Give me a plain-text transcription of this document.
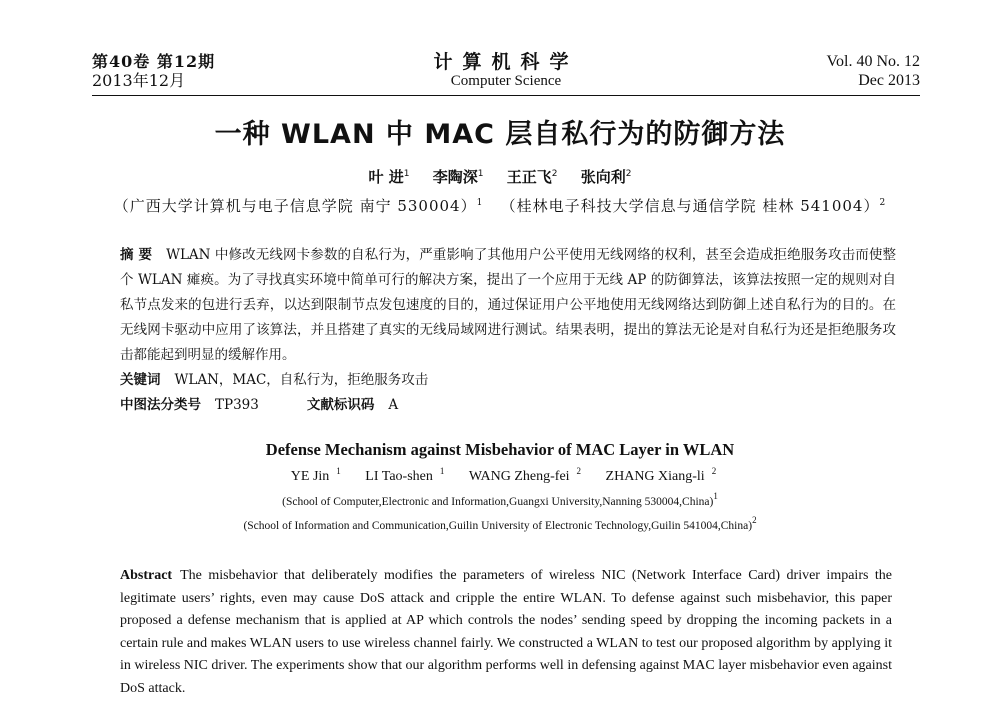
第40卷 第12期
2013年12月
计算机科学
Computer Science
Vol. 40 No. 12
Dec 2013
一种 WLAN 中 MAC 层自私行为的防御方法
叶 进$^1$ 李陶深$^1$ 王正飞$^2$ 张向利$^2$
（广西大学计算机与电子信息学院 南宁 530004）$^1$ （桂林电子科技大学信息与通信学院 桂林 541004）$^2$
摘 要 WLAN 中修改无线网卡参数的自私行为，严重影响了其他用户公平使用无线网络的权利，甚至会造成拒绝服务攻击而使整个 WLAN 瘫痪。为了寻找真实环境中简单可行的解决方案，提出了一个应用于无线 AP 的防御算法，该算法按照一定的规则对自私节点发来的包进行丢弃，以达到限制节点发包速度的目的，通过保证用户公平地使用无线网络达到防御上述自私行为的目的。在无线网卡驱动中应用了该算法，并且搭建了真实的无线局域网进行测试。结果表明，提出的算法无论是对自私行为还是拒绝服务攻击都能起到明显的缓解作用。
关键词 WLAN，MAC，自私行为，拒绝服务攻击
中图法分类号 TP393	文献标识码 A
Defense Mechanism against Misbehavior of MAC Layer in WLAN
YE Jin $^1$ LI Tao-shen $^1$ WANG Zheng-fei $^2$ ZHANG Xiang-li $^2$
(School of Computer,Electronic and Information,Guangxi University,Nanning 530004,China)$^1$
(School of Information and Communication,Guilin University of Electronic Technology,Guilin 541004,China)$^2$
Abstract The misbehavior that deliberately modifies the parameters of wireless NIC (Network Interface Card) driver impairs the legitimate users’ rights, even may cause DoS attack and cripple the entire WLAN. To defense against such misbehavior, this paper proposed a defense mechanism that is applied at AP which controls the nodes’ sending speed by dropping the incoming packets in a certain rule and makes WLAN users to use wireless channel fairly. We constructed a WLAN to test our proposed algorithm by applying it in wireless NIC driver. The experiments show that our algorithm performs well in defensing against MAC layer misbehavior even against DoS attack.
